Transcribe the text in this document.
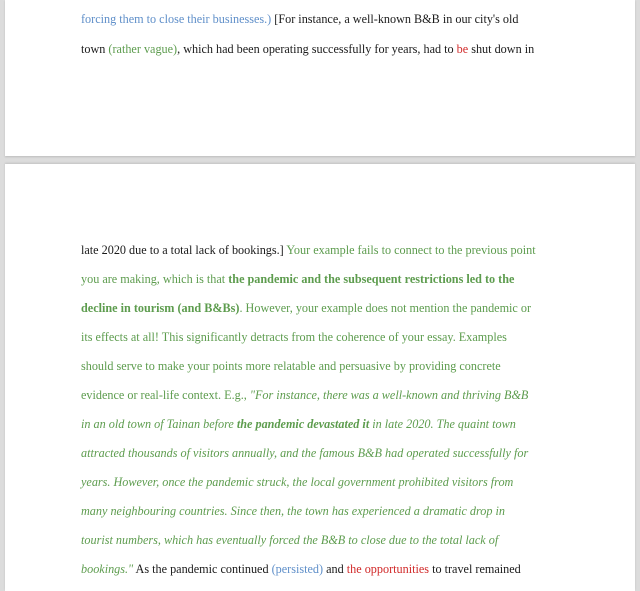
forcing them to close their businesses.) [For instance, a well-known B&B in our city's old
town (rather vague), which had been operating successfully for years, had to be shut down in
late 2020 due to a total lack of bookings.] Your example fails to connect to the previous point
you are making, which is that the pandemic and the subsequent restrictions led to the
decline in tourism (and B&Bs). However, your example does not mention the pandemic or
its effects at all! This significantly detracts from the coherence of your essay. Examples
should serve to make your points more relatable and persuasive by providing concrete
evidence or real-life context. E.g., "For instance, there was a well-known and thriving B&B
in an old town of Tainan before the pandemic devastated it in late 2020. The quaint town
attracted thousands of visitors annually, and the famous B&B had operated successfully for
years. However, once the pandemic struck, the local government prohibited visitors from
many neighbouring countries. Since then, the town has experienced a dramatic drop in
tourist numbers, which has eventually forced the B&B to close due to the total lack of
bookings." As the pandemic continued (persisted) and the opportunities to travel remained
